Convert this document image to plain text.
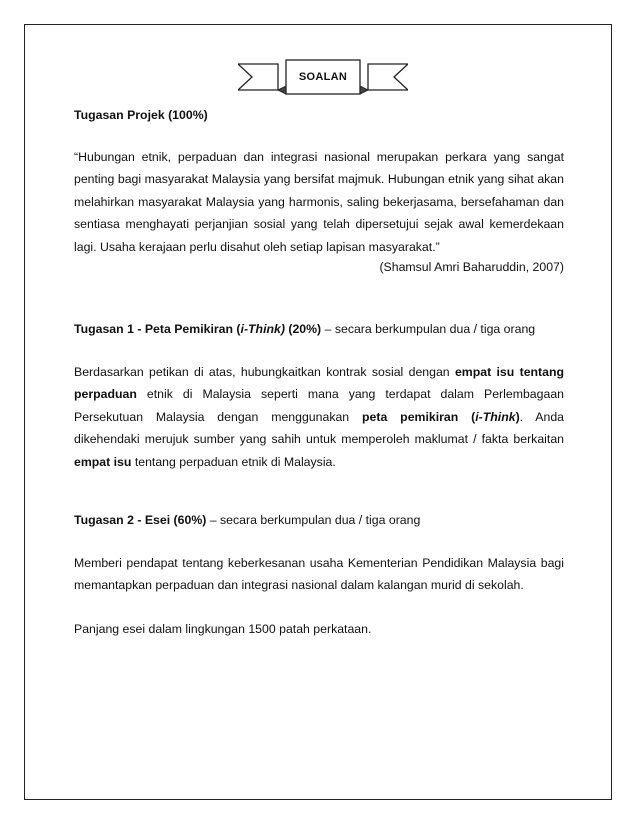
SOALAN
Tugasan Projek (100%)
“Hubungan etnik, perpaduan dan integrasi nasional merupakan perkara yang sangat penting bagi masyarakat Malaysia yang bersifat majmuk. Hubungan etnik yang sihat akan melahirkan masyarakat Malaysia yang harmonis, saling bekerjasama, bersefahaman dan sentiasa menghayati perjanjian sosial yang telah dipersetujui sejak awal kemerdekaan lagi. Usaha kerajaan perlu disahut oleh setiap lapisan masyarakat.”
(Shamsul Amri Baharuddin, 2007)
Tugasan 1 - Peta Pemikiran (i-Think) (20%) – secara berkumpulan dua / tiga orang
Berdasarkan petikan di atas, hubungkaitkan kontrak sosial dengan empat isu tentang perpaduan etnik di Malaysia seperti mana yang terdapat dalam Perlembagaan Persekutuan Malaysia dengan menggunakan peta pemikiran (i-Think). Anda dikehendaki merujuk sumber yang sahih untuk memperoleh maklumat / fakta berkaitan empat isu tentang perpaduan etnik di Malaysia.
Tugasan 2 - Esei (60%) – secara berkumpulan dua / tiga orang
Memberi pendapat tentang keberkesanan usaha Kementerian Pendidikan Malaysia bagi memantapkan perpaduan dan integrasi nasional dalam kalangan murid di sekolah.
Panjang esei dalam lingkungan 1500 patah perkataan.
